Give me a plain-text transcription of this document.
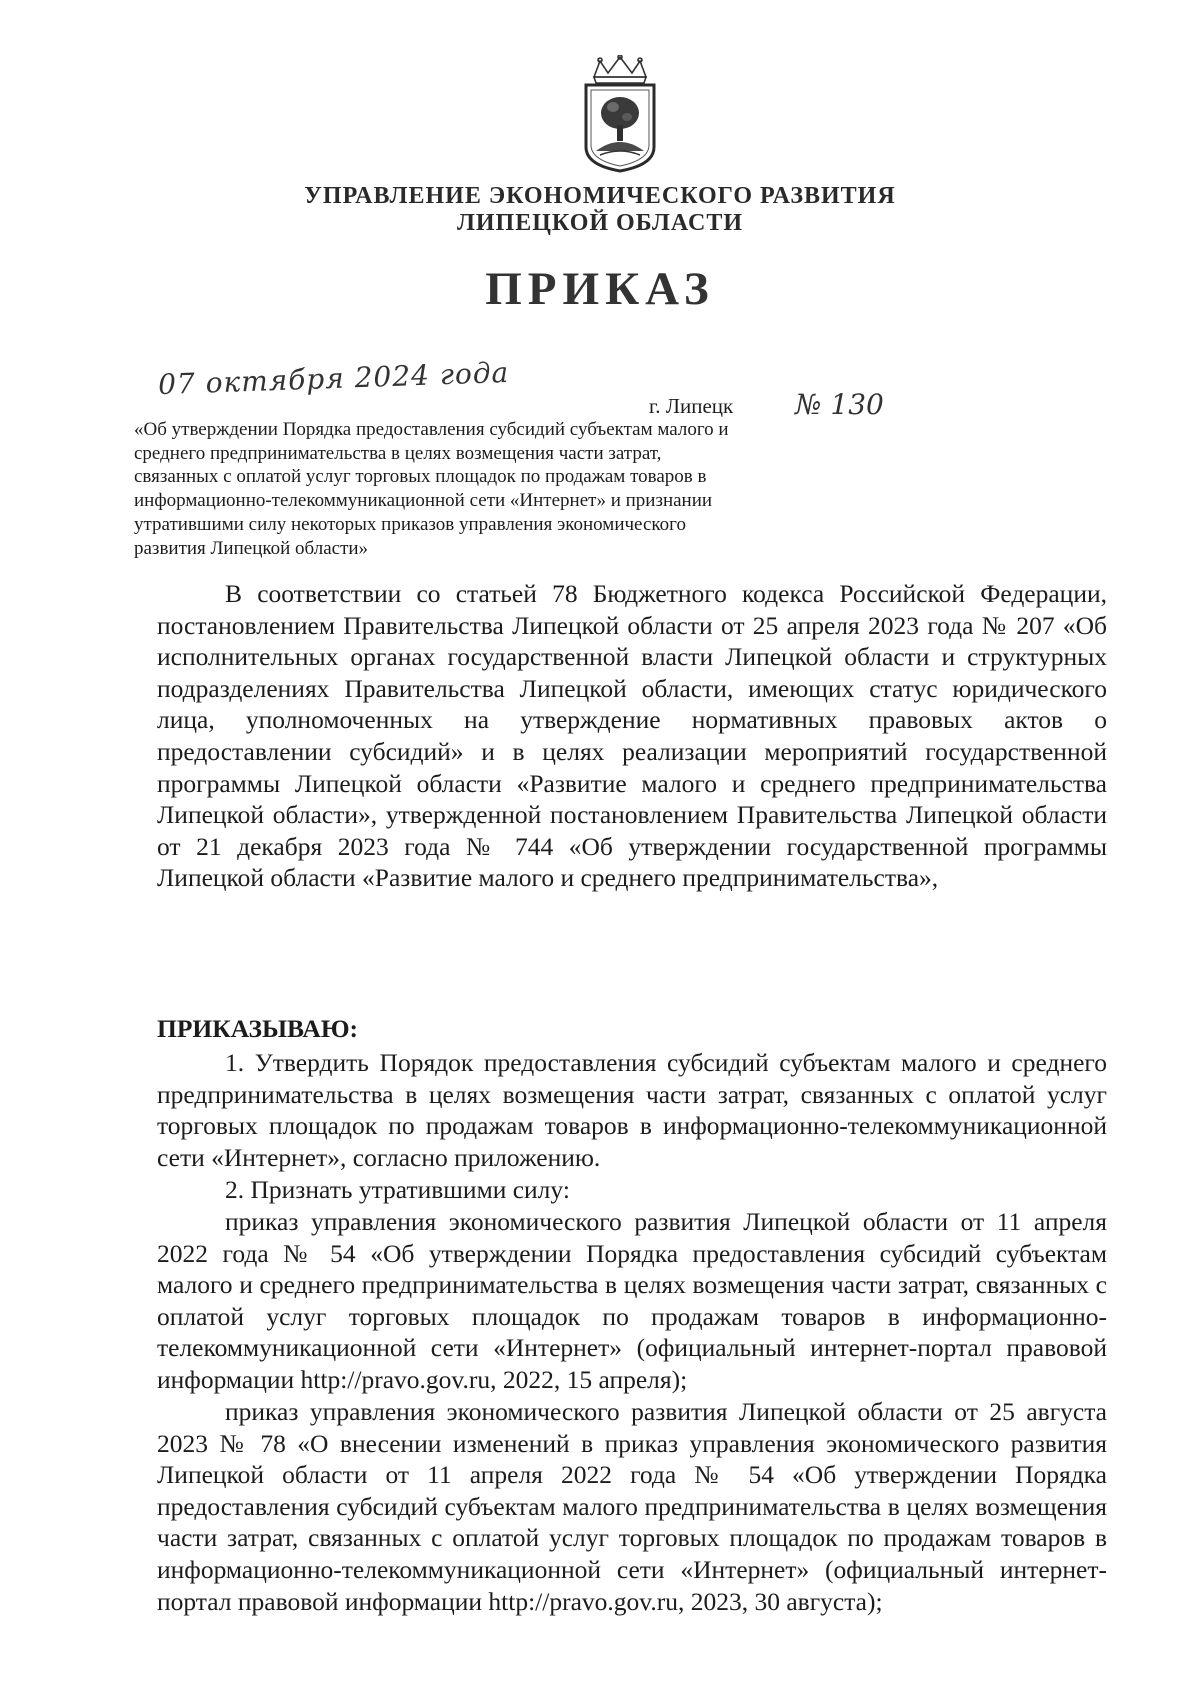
УПРАВЛЕНИЕ ЭКОНОМИЧЕСКОГО РАЗВИТИЯ
ЛИПЕЦКОЙ ОБЛАСТИ
ПРИКАЗ
07 октября 2024 года
г. Липецк № 130
«Об утверждении Порядка предоставления субсидий субъектам малого и среднего предпринимательства в целях возмещения части затрат, связанных с оплатой услуг торговых площадок по продажам товаров в информационно-телекоммуникационной сети «Интернет» и признании утратившими силу некоторых приказов управления экономического развития Липецкой области»
В соответствии со статьей 78 Бюджетного кодекса Российской Федерации, постановлением Правительства Липецкой области от 25 апреля 2023 года № 207 «Об исполнительных органах государственной власти Липецкой области и структурных подразделениях Правительства Липецкой области, имеющих статус юридического лица, уполномоченных на утверждение нормативных правовых актов о предоставлении субсидий» и в целях реализации мероприятий государственной программы Липецкой области «Развитие малого и среднего предпринимательства Липецкой области», утвержденной постановлением Правительства Липецкой области от 21 декабря 2023 года № 744 «Об утверждении государственной программы Липецкой области «Развитие малого и среднего предпринимательства»,
ПРИКАЗЫВАЮ:
1. Утвердить Порядок предоставления субсидий субъектам малого и среднего предпринимательства в целях возмещения части затрат, связанных с оплатой услуг торговых площадок по продажам товаров в информационно-телекоммуникационной сети «Интернет», согласно приложению.
2. Признать утратившими силу:
приказ управления экономического развития Липецкой области от 11 апреля 2022 года № 54 «Об утверждении Порядка предоставления субсидий субъектам малого и среднего предпринимательства в целях возмещения части затрат, связанных с оплатой услуг торговых площадок по продажам товаров в информационно-телекоммуникационной сети «Интернет» (официальный интернет-портал правовой информации http://pravo.gov.ru, 2022, 15 апреля);
приказ управления экономического развития Липецкой области от 25 августа 2023 № 78 «О внесении изменений в приказ управления экономического развития Липецкой области от 11 апреля 2022 года № 54 «Об утверждении Порядка предоставления субсидий субъектам малого предпринимательства в целях возмещения части затрат, связанных с оплатой услуг торговых площадок по продажам товаров в информационно-телекоммуникационной сети «Интернет» (официальный интернет-портал правовой информации http://pravo.gov.ru, 2023, 30 августа);
